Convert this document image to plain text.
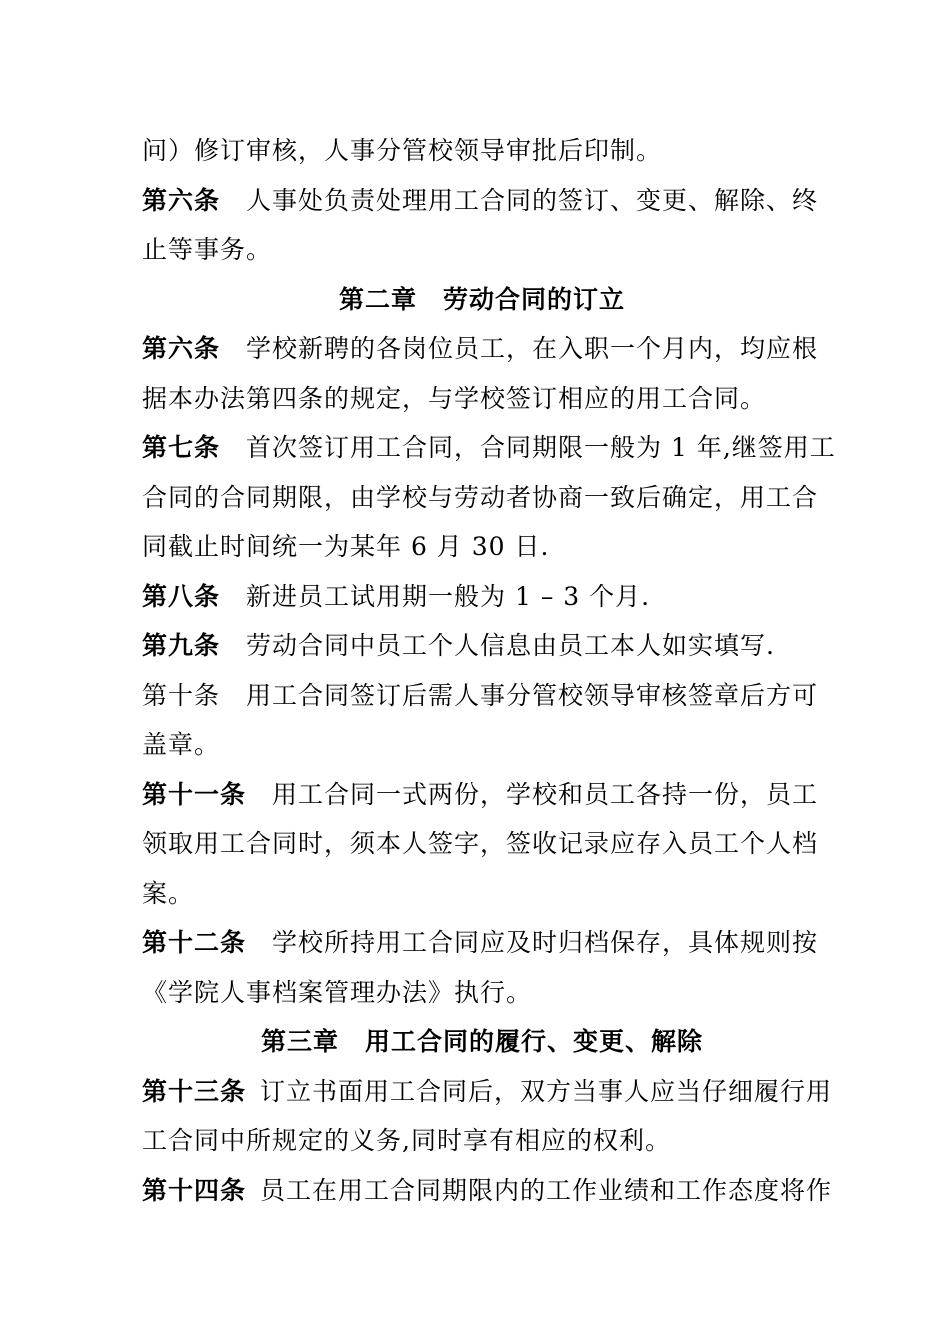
问）修订审核，人事分管校领导审批后印制。
第六条 人事处负责处理用工合同的签订、变更、解除、终
止等事务。
第二章　劳动合同的订立
第六条 学校新聘的各岗位员工，在入职一个月内，均应根
据本办法第四条的规定，与学校签订相应的用工合同。
第七条 首次签订用工合同，合同期限一般为 1 年,继签用工
合同的合同期限，由学校与劳动者协商一致后确定，用工合
同截止时间统一为某年 6 月 30 日.
第八条 新进员工试用期一般为 1 – 3 个月.
第九条 劳动合同中员工个人信息由员工本人如实填写.
第十条 用工合同签订后需人事分管校领导审核签章后方可
盖章。
第十一条 用工合同一式两份，学校和员工各持一份，员工
领取用工合同时，须本人签字，签收记录应存入员工个人档
案。
第十二条 学校所持用工合同应及时归档保存，具体规则按
《学院人事档案管理办法》执行。
第三章　用工合同的履行、变更、解除
第十三条 订立书面用工合同后，双方当事人应当仔细履行用
工合同中所规定的义务,同时享有相应的权利。
第十四条 员工在用工合同期限内的工作业绩和工作态度将作
